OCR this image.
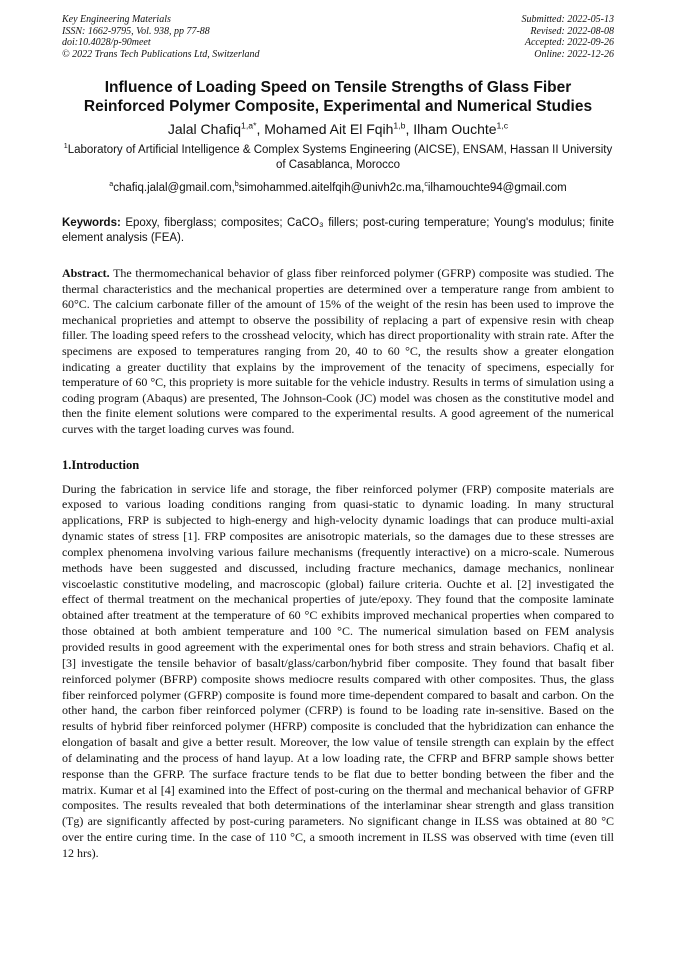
Key Engineering Materials
ISSN: 1662-9795, Vol. 938, pp 77-88
doi:10.4028/p-90meet
© 2022 Trans Tech Publications Ltd, Switzerland
Submitted: 2022-05-13
Revised: 2022-08-08
Accepted: 2022-09-26
Online: 2022-12-26
Influence of Loading Speed on Tensile Strengths of Glass Fiber
Reinforced Polymer Composite, Experimental and Numerical Studies
Jalal Chafiq$^{1,a*}$, Mohamed Ait El Fqih$^{1,b}$, Ilham Ouchte$^{1,c}$
$^1$Laboratory of Artificial Intelligence & Complex Systems Engineering (AICSE), ENSAM, Hassan II University of Casablanca, Morocco
$^a$chafiq.jalal@gmail.com,$^b$simohammed.aitelfqih@univh2c.ma,$^c$ilhamouchte94@gmail.com
Keywords: Epoxy, fiberglass; composites; CaCO₃ fillers; post-curing temperature; Young's modulus; finite element analysis (FEA).
Abstract. The thermomechanical behavior of glass fiber reinforced polymer (GFRP) composite was studied. The thermal characteristics and the mechanical properties are determined over a temperature range from ambient to 60°C. The calcium carbonate filler of the amount of 15% of the weight of the resin has been used to improve the mechanical proprieties and attempt to observe the possibility of replacing a part of expensive resin with cheap filler. The loading speed refers to the crosshead velocity, which has direct proportionality with strain rate. After the specimens are exposed to temperatures ranging from 20, 40 to 60 °C, the results show a greater elongation indicating a greater ductility that explains by the improvement of the tenacity of specimens, especially for temperature of 60 °C, this propriety is more suitable for the vehicle industry. Results in terms of simulation using a coding program (Abaqus) are presented, The Johnson-Cook (JC) model was chosen as the constitutive model and then the finite element solutions were compared to the experimental results. A good agreement of the numerical curves with the target loading curves was found.
1.Introduction
During the fabrication in service life and storage, the fiber reinforced polymer (FRP) composite materials are exposed to various loading conditions ranging from quasi-static to dynamic loading. In many structural applications, FRP is subjected to high-energy and high-velocity dynamic loadings that can produce multi-axial dynamic states of stress [1]. FRP composites are anisotropic materials, so the damages due to these stresses are complex phenomena involving various failure mechanisms (frequently interactive) on a micro-scale. Numerous methods have been suggested and discussed, including fracture mechanics, damage mechanics, nonlinear viscoelastic constitutive modeling, and macroscopic (global) failure criteria. Ouchte et al. [2] investigated the effect of thermal treatment on the mechanical properties of jute/epoxy. They found that the composite laminate obtained after treatment at the temperature of 60 °C exhibits improved mechanical properties when compared to those obtained at both ambient temperature and 100 °C. The numerical simulation based on FEM analysis provided results in good agreement with the experimental ones for both stress and strain behaviors. Chafiq et al. [3] investigate the tensile behavior of basalt/glass/carbon/hybrid fiber composite. They found that basalt fiber reinforced polymer (BFRP) composite shows mediocre results compared with other composites. Thus, the glass fiber reinforced polymer (GFRP) composite is found more time-dependent compared to basalt and carbon. On the other hand, the carbon fiber reinforced polymer (CFRP) is found to be loading rate in-sensitive. Based on the results of hybrid fiber reinforced polymer (HFRP) composite is concluded that the hybridization can enhance the elongation of basalt and give a better result. Moreover, the low value of tensile strength can explain by the effect of delaminating and the process of hand layup. At a low loading rate, the CFRP and BFRP sample shows better response than the GFRP. The surface fracture tends to be flat due to better bonding between the fiber and the matrix. Kumar et al [4] examined into the Effect of post-curing on the thermal and mechanical behavior of GFRP composites. The results revealed that both determinations of the interlaminar shear strength and glass transition (Tg) are significantly affected by post-curing parameters. No significant change in ILSS was obtained at 80 °C over the entire curing time. In the case of 110 °C, a smooth increment in ILSS was observed with time (even till 12 hrs).
